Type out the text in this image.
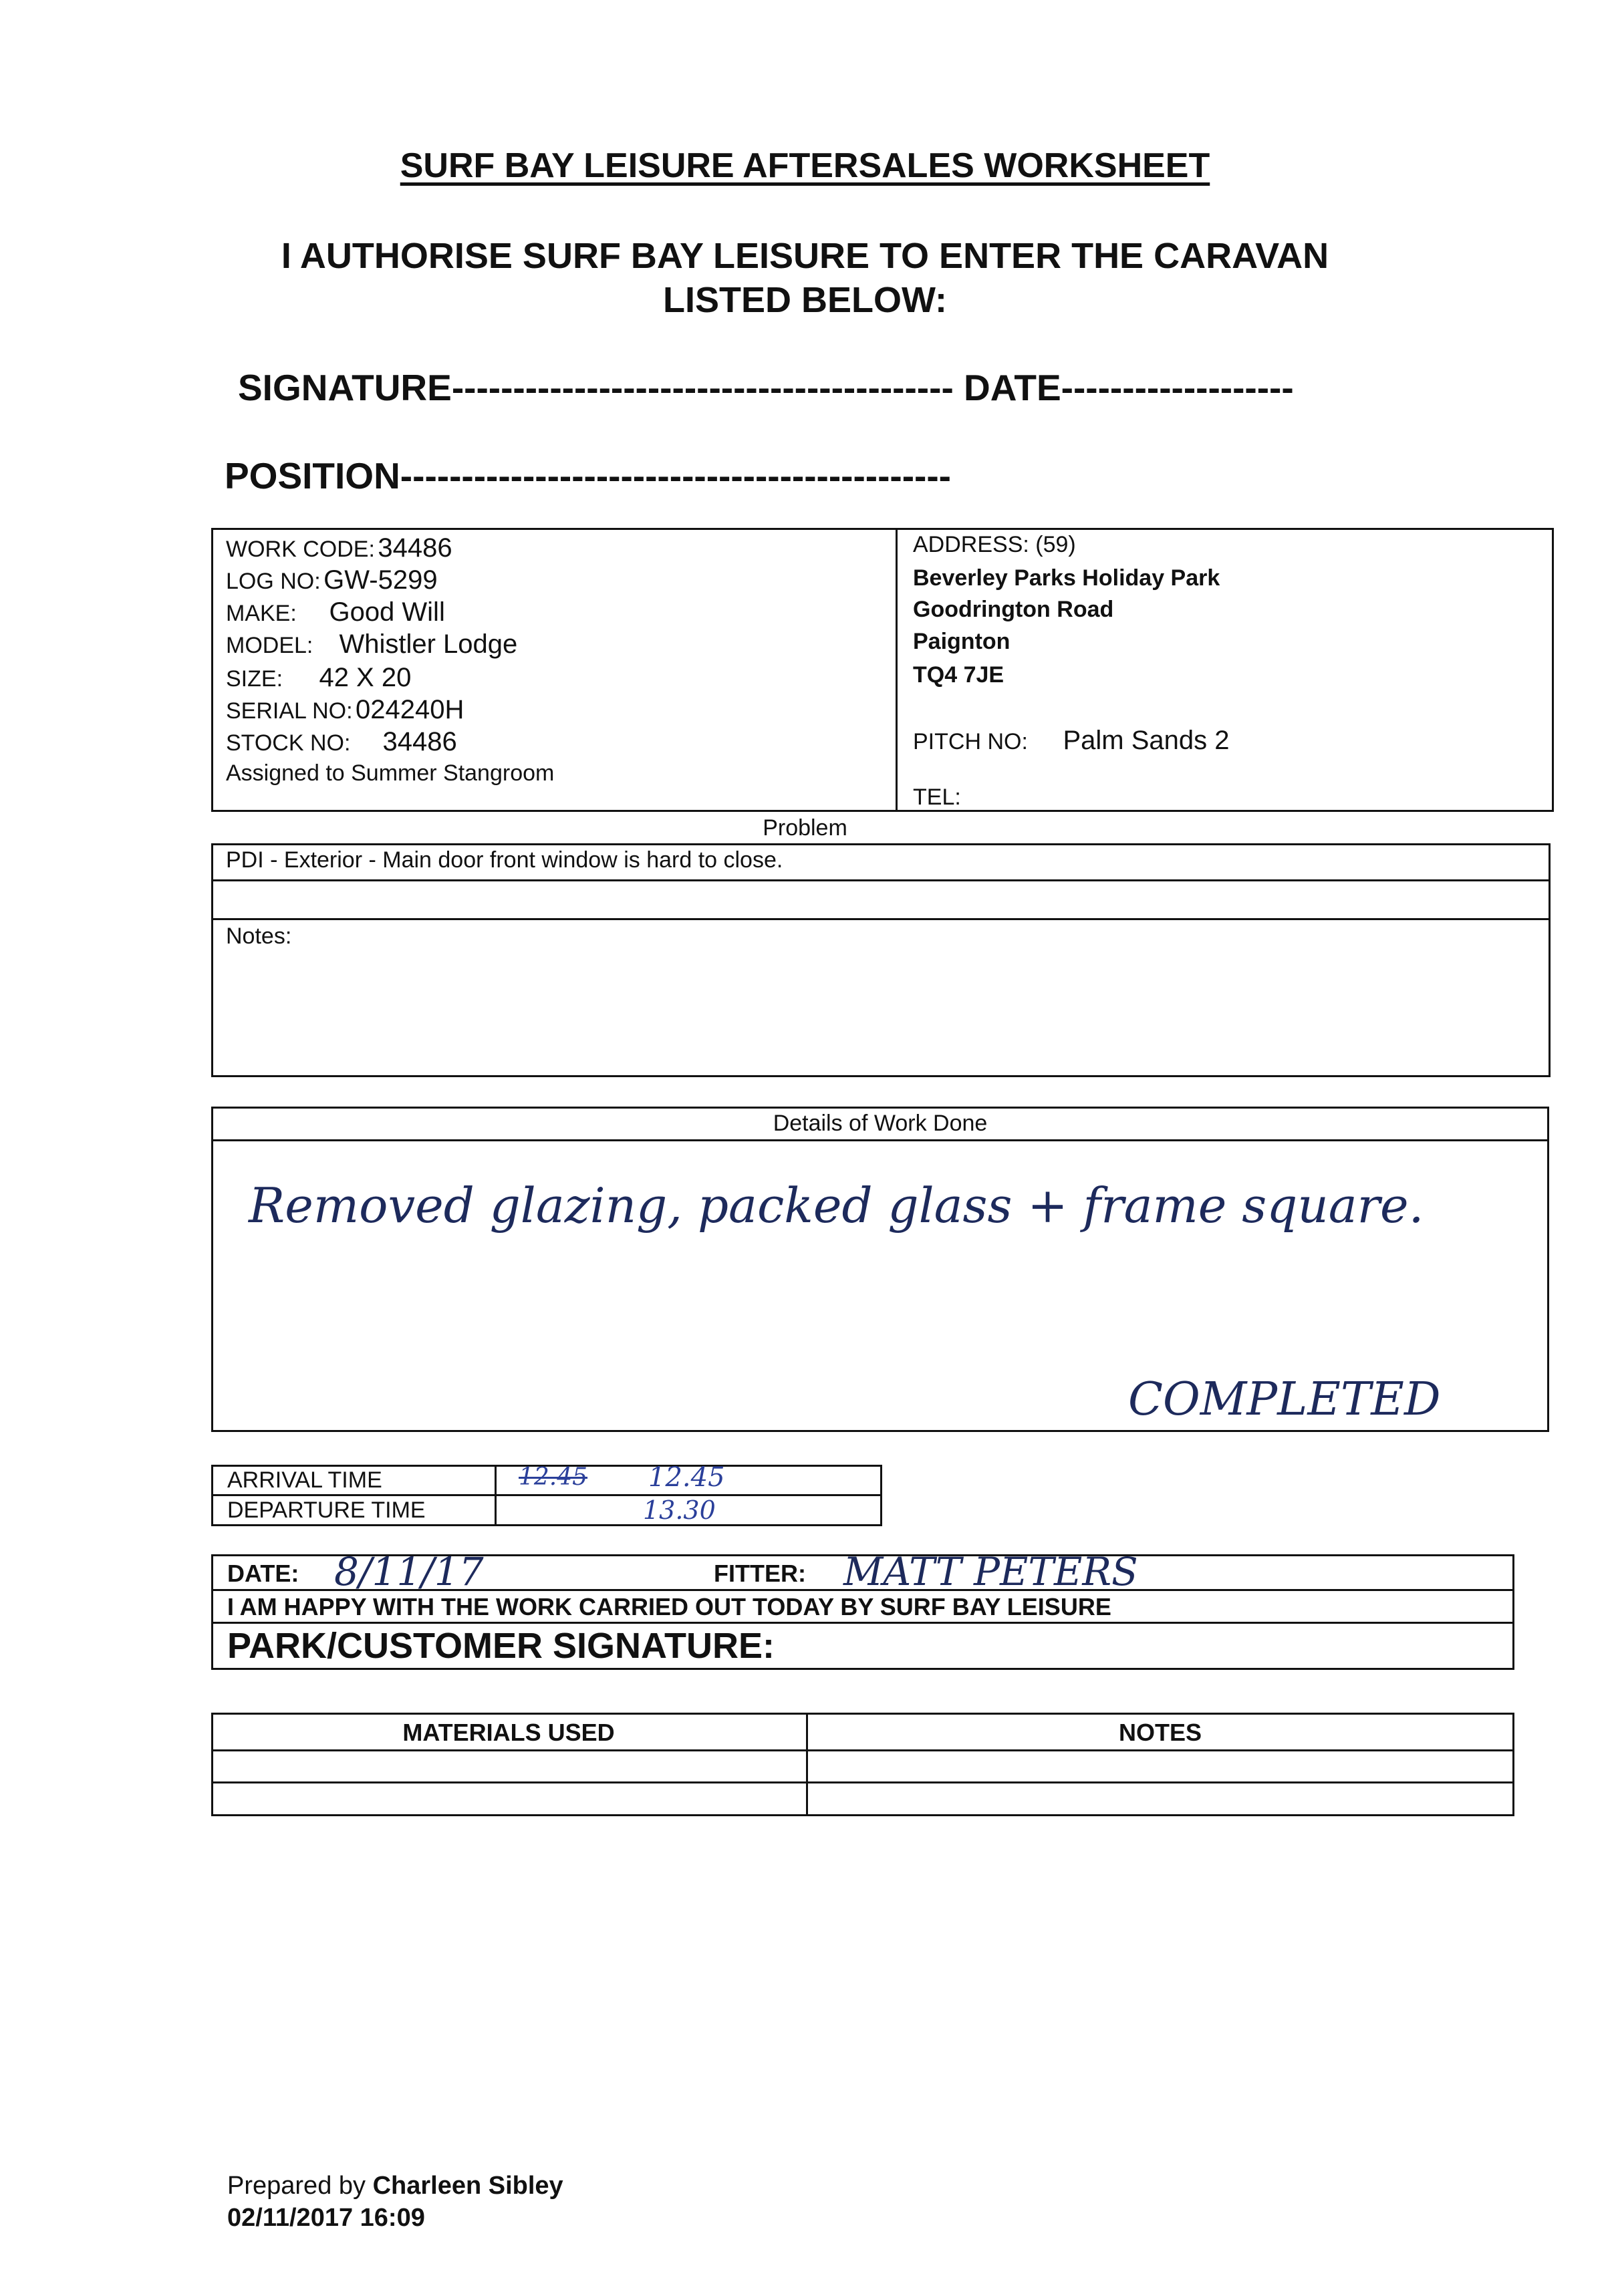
SURF BAY LEISURE AFTERSALES WORKSHEET
I AUTHORISE SURF BAY LEISURE TO ENTER THE CARAVAN
LISTED BELOW:
SIGNATURE----------------------------------------- DATE-------------------
POSITION---------------------------------------------
WORK CODE: 34486
LOG NO: GW-5299
MAKE: Good Will
MODEL: Whistler Lodge
SIZE: 42 X 20
SERIAL NO: 024240H
STOCK NO: 34486
Assigned to Summer Stangroom
ADDRESS: (59)
Beverley Parks Holiday Park
Goodrington Road
Paignton
TQ4 7JE
PITCH NO: Palm Sands 2
TEL:
Problem
PDI - Exterior - Main door front window is hard to close.
Notes:
Details of Work Done
Removed glazing, packed glass + frame square.
COMPLETED
ARRIVAL TIME
DEPARTURE TIME
12.45 12.45
13.30
DATE: 8/11/17	FITTER: MATT PETERS
I AM HAPPY WITH THE WORK CARRIED OUT TODAY BY SURF BAY LEISURE
PARK/CUSTOMER SIGNATURE:
MATERIALS USED	NOTES
Prepared by Charleen Sibley
02/11/2017 16:09
